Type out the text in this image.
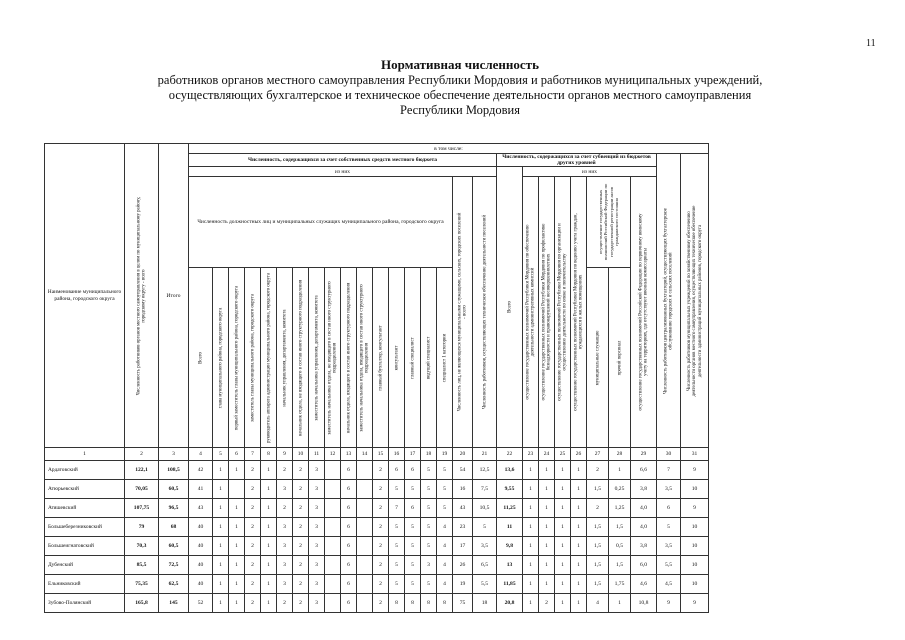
11
Нормативная численность
работников органов местного самоуправления Республики Мордовия и работников муниципальных учреждений,
осуществляющих бухгалтерское и техническое обеспечение деятельности органов местного самоуправления
Республики Мордовия
Наименование муниципального района, городского округа	Численность работников органов местного самоуправления в целом по муниципальному району, городскому округу - всего	Итого	в том числе:																											
			Численность, содержащихся за счет собственных средств местного бюджета																		Численность, содержащихся за счет субвенций из бюджетов других уровней								Численность работников централизованных бухгалтерий, осуществляющих бухгалтерское обслуживание городских и сельских поселений	Численность работников муниципальных учреждений по хозяйственному обеспечению деятельности органов местного самоуправления, осуществляющих техническое обеспечение деятельности администраций муниципальных районов, городского округа

			из них																		Всего	из них								
			Численность должностных лиц и муниципальных служащих муниципального района, городского округа																Численность лиц, не являющихся муниципальными служащими, сельских, городских поселений - всего	Численность работников, осуществляющих техническое обеспечение деятельности поселений		осуществление государственных полномочий Республики Мордовия по обеспечению деятельности административных комиссий	осуществление государственных полномочий Республики Мордовия по профилактике безнадзорности и правонарушений несовершеннолетних	осуществление государственных полномочий Республики Мордовия по организации и осуществлению деятельности по опеке и попечительству	осуществление государственных полномочий Республики Мордовия по ведению учета граждан, нуждающихся в жилых помещениях	осуществление государственных полномочий Российской Федерации по государственной регистрации актов гражданского состояния		осуществление государственных полномочий Российской Федерации по первичному воинскому учету на территориях, где отсутствуют военные комиссариаты		

			Всего	глава муниципального района, городского округа	первый заместитель главы муниципального района, городского округа	заместитель главы муниципального района, городского округа	руководитель аппарата администрации муниципального района, городского округа	начальник управления, департамента, комитета	начальник отдела, не входящего в состав иного структурного подразделения	заместитель начальника управления, департамента, комитета	заместитель начальника отдела, не входящего в состав иного структурного подразделения	начальник отдела, входящего в состав иного структурного подразделения	заместитель начальника отдела, входящего в состав иного структурного подразделения	главный бухгалтер, консультант	консультант	главный специалист	ведущий специалист	специалист 1 категории								муниципальные служащие	прочий персонал			

1	2	3	4	5	6	7	8	9	10	11	12	13	14	15	16	17	18	19	20	21	22	23	24	25	26	27	28	29	30	31
Ардатовский	122,1	108,5	42	1	1	2	1	2	2	3		6		2	6	6	5	5	54	12,5	13,6	1	1	1	1	2	1	6,6	7	9
Атюрьевский	70,05	60,5	41	1		2	1	3	2	3		6		2	5	5	5	5	16	7,5	9,55	1	1	1	1	1,5	0,25	3,8	3,5	10
Атяшевский	107,75	96,5	43	1	1	2	1	2	2	3		6		2	7	6	5	5	43	10,5	11,25	1	1	1	1	2	1,25	4,0	6	9
Большеберезниковский	79	68	40	1	1	2	1	3	2	3		6		2	5	5	5	4	23	5	11	1	1	1	1	1,5	1,5	4,0	5	10
Большеигнатовский	70,3	60,5	40	1	1	2	1	3	2	3		6		2	5	5	5	4	17	3,5	9,8	1	1	1	1	1,5	0,5	3,8	3,5	10
Дубенский	85,5	72,5	40	1	1	2	1	3	2	3		6		2	5	5	3	4	26	6,5	13	1	1	1	1	1,5	1,5	6,0	5,5	10
Ельниковский	75,35	62,5	40	1	1	2	1	3	2	3		6		2	5	5	5	4	19	5,5	11,85	1	1	1	1	1,5	1,75	4,6	4,5	10
Зубово-Полянский	165,8	145	52	1	1	2	1	2	2	3		6		2	8	8	8	8	75	18	20,8	1	2	1	1	4	1	10,8	9	9
